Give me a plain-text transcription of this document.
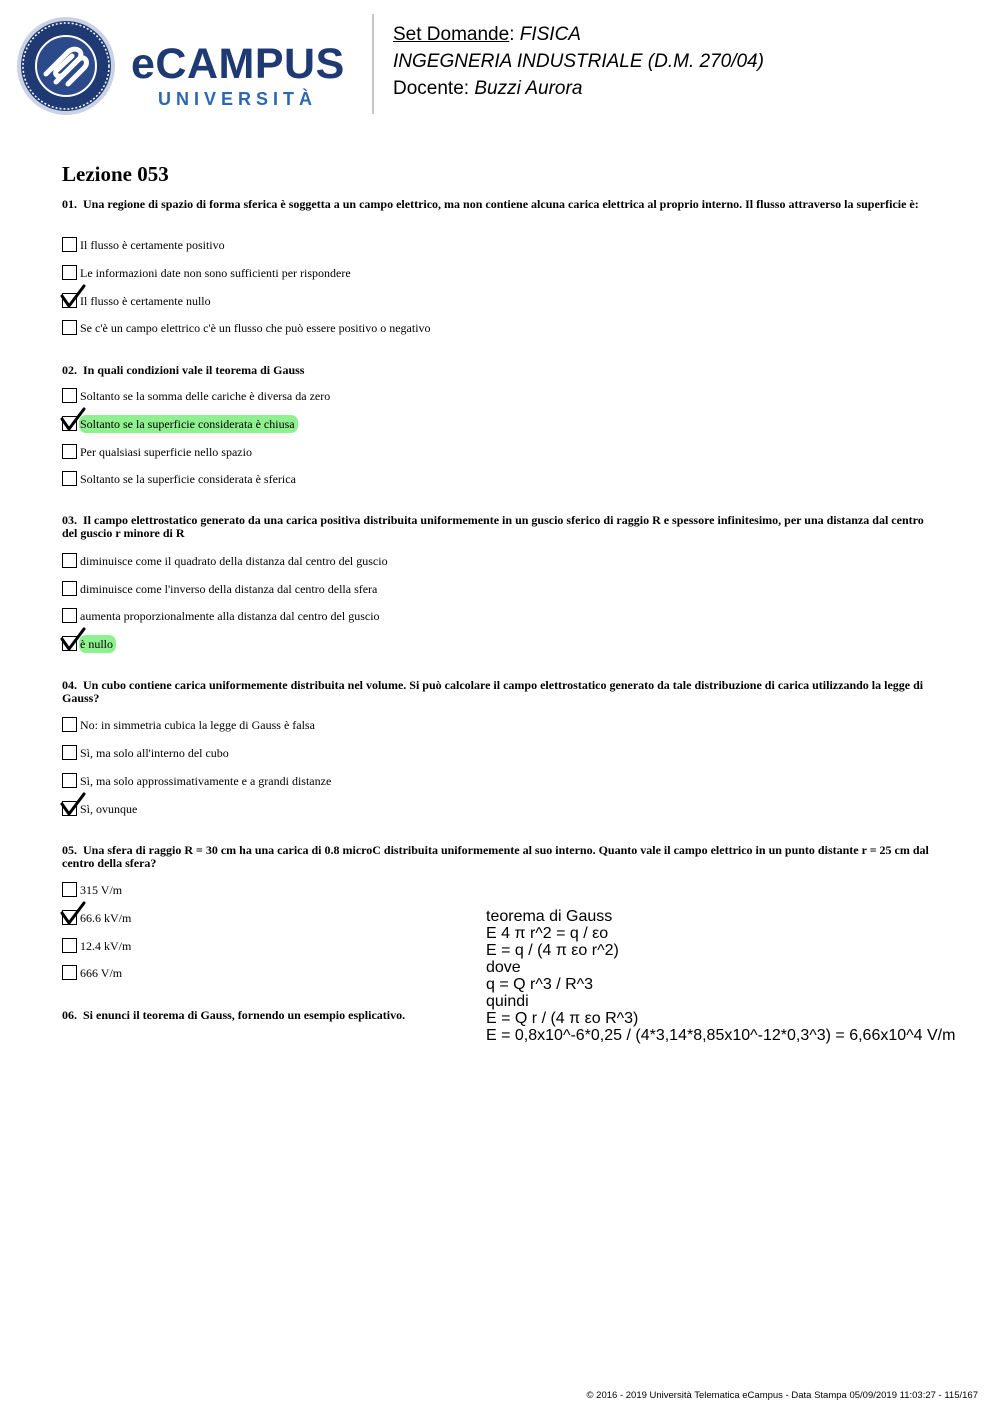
eCAMPUS
UNIVERSITÀ
Set Domande: FISICA
INGEGNERIA INDUSTRIALE (D.M. 270/04)
Docente: Buzzi Aurora
Lezione 053
01. Una regione di spazio di forma sferica è soggetta a un campo elettrico, ma non contiene alcuna carica elettrica al proprio interno. Il flusso attraverso la superficie è:
Il flusso è certamente positivo
Le informazioni date non sono sufficienti per rispondere
Il flusso è certamente nullo
Se c'è un campo elettrico c'è un flusso che può essere positivo o negativo
02. In quali condizioni vale il teorema di Gauss
Soltanto se la somma delle cariche è diversa da zero
Soltanto se la superficie considerata è chiusa
Per qualsiasi superficie nello spazio
Soltanto se la superficie considerata è sferica
03. Il campo elettrostatico generato da una carica positiva distribuita uniformemente in un guscio sferico di raggio R e spessore infinitesimo, per una distanza dal centro del guscio r minore di R
diminuisce come il quadrato della distanza dal centro del guscio
diminuisce come l'inverso della distanza dal centro della sfera
aumenta proporzionalmente alla distanza dal centro del guscio
è nullo
04. Un cubo contiene carica uniformemente distribuita nel volume. Si può calcolare il campo elettrostatico generato da tale distribuzione di carica utilizzando la legge di Gauss?
No: in simmetria cubica la legge di Gauss è falsa
Sì, ma solo all'interno del cubo
Sì, ma solo approssimativamente e a grandi distanze
Sì, ovunque
05. Una sfera di raggio R = 30 cm ha una carica di 0.8 microC distribuita uniformemente al suo interno. Quanto vale il campo elettrico in un punto distante r = 25 cm dal centro della sfera?
315 V/m
66.6 kV/m
12.4 kV/m
666 V/m
06. Si enunci il teorema di Gauss, fornendo un esempio esplicativo.
teorema di Gauss
E 4 π r^2 = q / εo
E = q / (4 π εo r^2)
dove
q = Q r^3 / R^3
quindi
E = Q r / (4 π εo R^3)
E = 0,8x10^-6*0,25 / (4*3,14*8,85x10^-12*0,3^3) = 6,66x10^4 V/m
© 2016 - 2019 Università Telematica eCampus - Data Stampa 05/09/2019 11:03:27 - 115/167
